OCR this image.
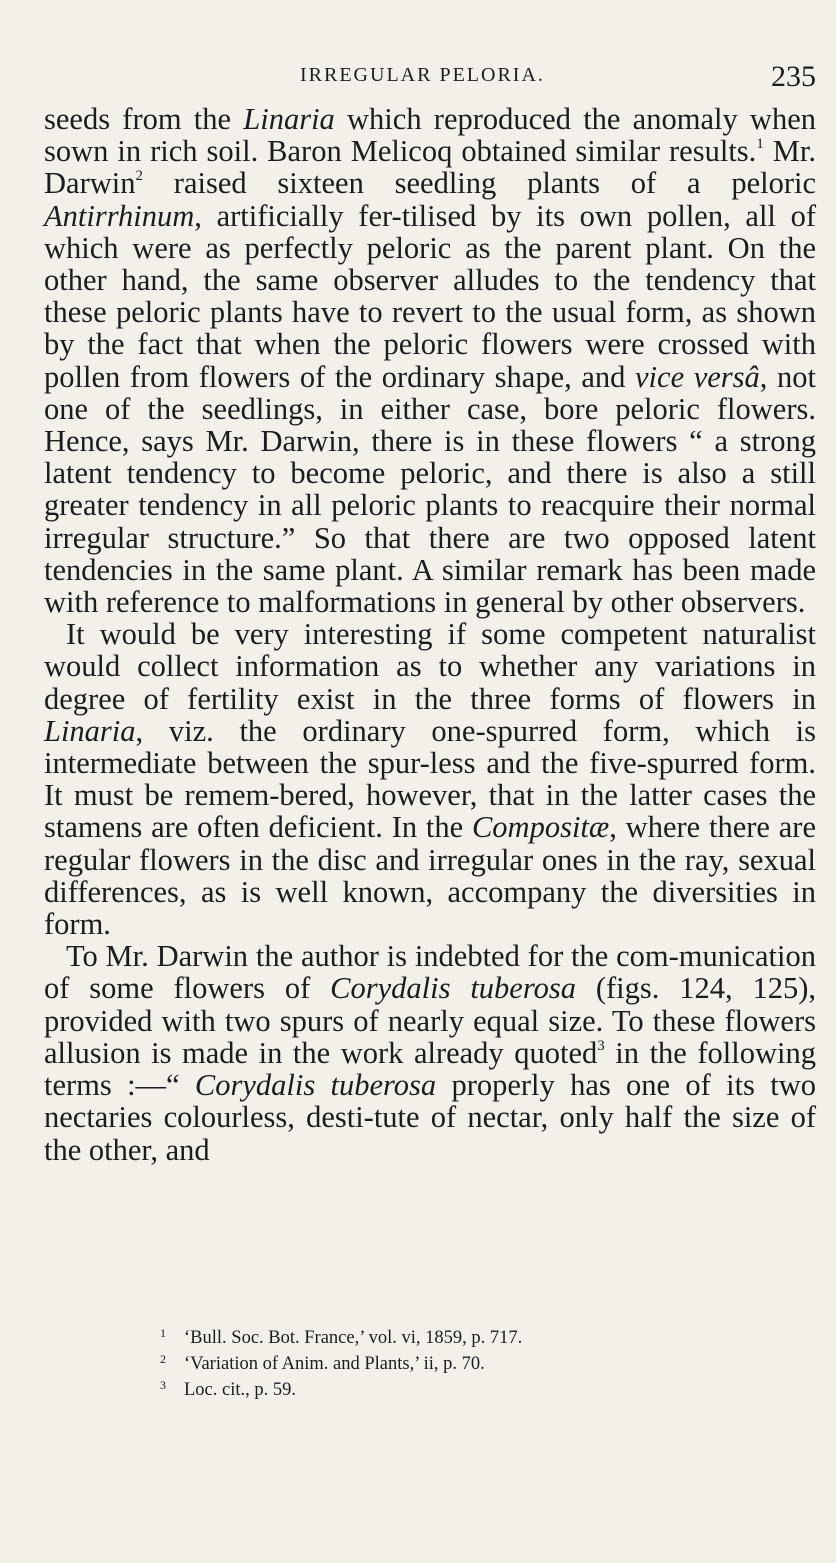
IRREGULAR PELORIA.	235

seeds from the Linaria which reproduced the anomaly when sown in rich soil. Baron Melicoq obtained similar results.$^1$ Mr. Darwin$^2$ raised sixteen seedling plants of a peloric Antirrhinum, artificially fer-tilised by its own pollen, all of which were as perfectly peloric as the parent plant. On the other hand, the same observer alludes to the tendency that these peloric plants have to revert to the usual form, as shown by the fact that when the peloric flowers were crossed with pollen from flowers of the ordinary shape, and vice versâ, not one of the seedlings, in either case, bore peloric flowers. Hence, says Mr. Darwin, there is in these flowers “ a strong latent tendency to become peloric, and there is also a still greater tendency in all peloric plants to reacquire their normal irregular structure.” So that there are two opposed latent tendencies in the same plant. A similar remark has been made with reference to malformations in general by other observers.

It would be very interesting if some competent naturalist would collect information as to whether any variations in degree of fertility exist in the three forms of flowers in Linaria, viz. the ordinary one-spurred form, which is intermediate between the spur-less and the five-spurred form. It must be remem-bered, however, that in the latter cases the stamens are often deficient. In the Compositæ, where there are regular flowers in the disc and irregular ones in the ray, sexual differences, as is well known, accompany the diversities in form.

To Mr. Darwin the author is indebted for the com-munication of some flowers of Corydalis tuberosa (figs. 124, 125), provided with two spurs of nearly equal size. To these flowers allusion is made in the work already quoted$^3$ in the following terms :—“ Corydalis tuberosa properly has one of its two nectaries colourless, desti-tute of nectar, only half the size of the other, and

1 ‘Bull. Soc. Bot. France,’ vol. vi, 1859, p. 717.
2 ‘Variation of Anim. and Plants,’ ii, p. 70.
3 Loc. cit., p. 59.
